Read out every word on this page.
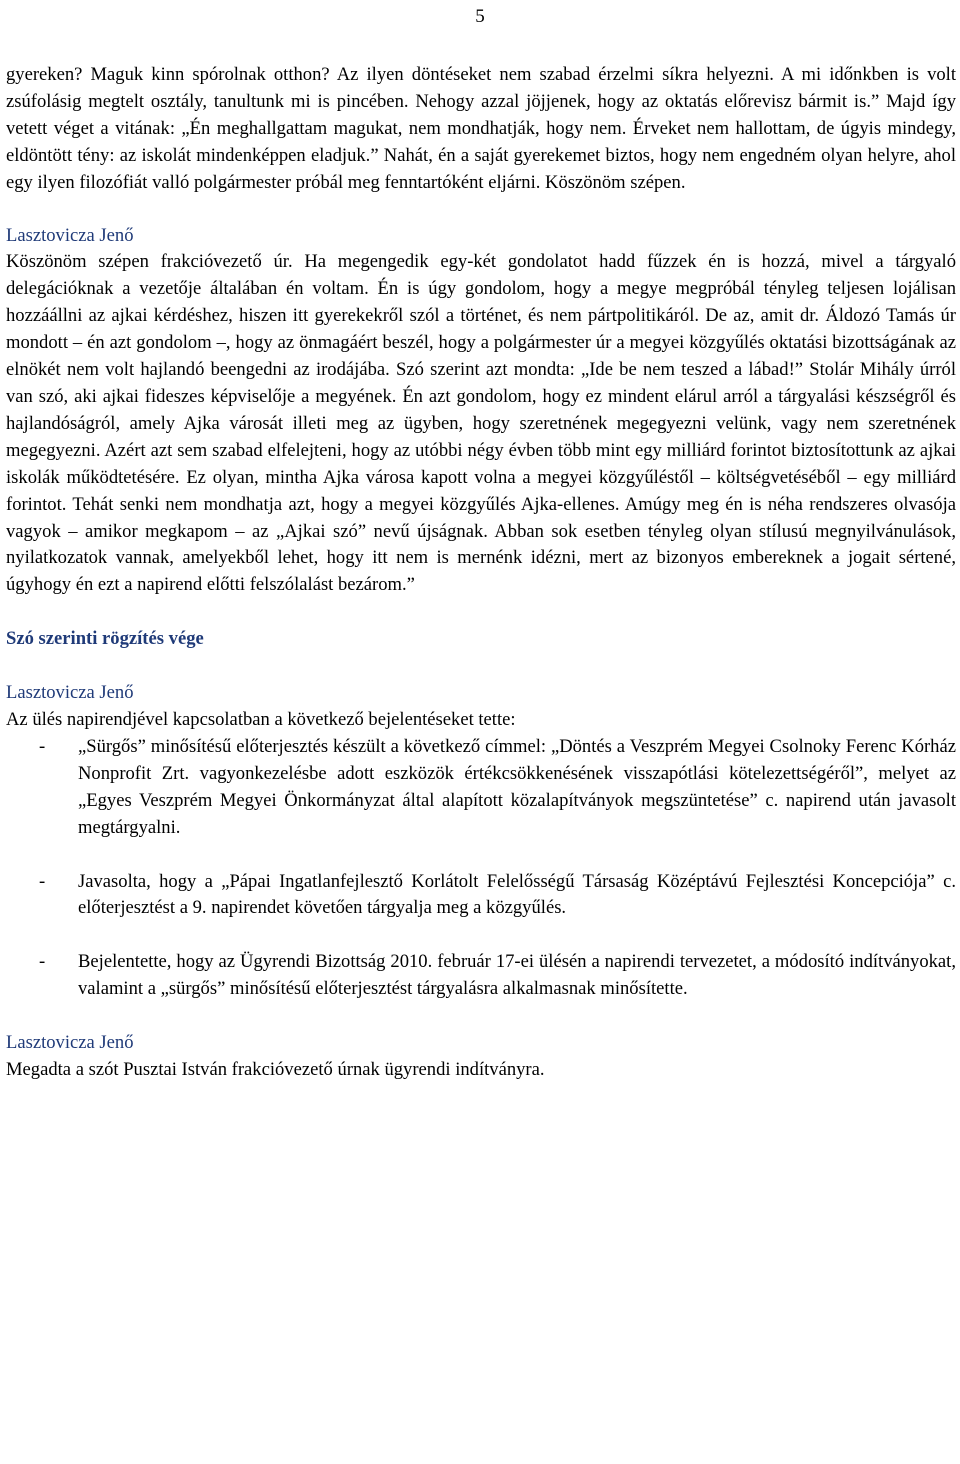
5

gyereken? Maguk kinn spórolnak otthon? Az ilyen döntéseket nem szabad érzelmi síkra helyezni. A mi időnkben is volt zsúfolásig megtelt osztály, tanultunk mi is pincében. Nehogy azzal jöjjenek, hogy az oktatás előrevisz bármit is.” Majd így vetett véget a vitának: „Én meghallgattam magukat, nem mondhatják, hogy nem. Érveket nem hallottam, de úgyis mindegy, eldöntött tény: az iskolát mindenképpen eladjuk.” Nahát, én a saját gyerekemet biztos, hogy nem engedném olyan helyre, ahol egy ilyen filozófiát valló polgármester próbál meg fenntartóként eljárni. Köszönöm szépen.

Lasztovicza Jenő

Köszönöm szépen frakcióvezető úr. Ha megengedik egy-két gondolatot hadd fűzzek én is hozzá, mivel a tárgyaló delegációknak a vezetője általában én voltam. Én is úgy gondolom, hogy a megye megpróbál tényleg teljesen lojálisan hozzáállni az ajkai kérdéshez, hiszen itt gyerekekről szól a történet, és nem pártpolitikáról. De az, amit dr. Áldozó Tamás úr mondott – én azt gondolom –, hogy az önmagáért beszél, hogy a polgármester úr a megyei közgyűlés oktatási bizottságának az elnökét nem volt hajlandó beengedni az irodájába. Szó szerint azt mondta: „Ide be nem teszed a lábad!” Stolár Mihály úrról van szó, aki ajkai fideszes képviselője a megyének. Én azt gondolom, hogy ez mindent elárul arról a tárgyalási készségről és hajlandóságról, amely Ajka városát illeti meg az ügyben, hogy szeretnének megegyezni velünk, vagy nem szeretnének megegyezni. Azért azt sem szabad elfelejteni, hogy az utóbbi négy évben több mint egy milliárd forintot biztosítottunk az ajkai iskolák működtetésére. Ez olyan, mintha Ajka városa kapott volna a megyei közgyűléstől – költségvetéséből – egy milliárd forintot. Tehát senki nem mondhatja azt, hogy a megyei közgyűlés Ajka-ellenes. Amúgy meg én is néha rendszeres olvasója vagyok – amikor megkapom – az „Ajkai szó” nevű újságnak. Abban sok esetben tényleg olyan stílusú megnyilvánulások, nyilatkozatok vannak, amelyekből lehet, hogy itt nem is mernénk idézni, mert az bizonyos embereknek a jogait sértené, úgyhogy én ezt a napirend előtti felszólalást bezárom.”

Szó szerinti rögzítés vége
Lasztovicza Jenő

Az ülés napirendjével kapcsolatban a következő bejelentéseket tette:

- „Sürgős” minősítésű előterjesztés készült a következő címmel: „Döntés a Veszprém Megyei Csolnoky Ferenc Kórház Nonprofit Zrt. vagyonkezelésbe adott eszközök értékcsökkenésének visszapótlási kötelezettségéről”, melyet az „Egyes Veszprém Megyei Önkormányzat által alapított közalapítványok megszüntetése” c. napirend után javasolt megtárgyalni.
- Javasolta, hogy a „Pápai Ingatlanfejlesztő Korlátolt Felelősségű Társaság Középtávú Fejlesztési Koncepciója” c. előterjesztést a 9. napirendet követően tárgyalja meg a közgyűlés.
- Bejelentette, hogy az Ügyrendi Bizottság 2010. február 17-ei ülésén a napirendi tervezetet, a módosító indítványokat, valamint a „sürgős” minősítésű előterjesztést tárgyalásra alkalmasnak minősítette.
Lasztovicza Jenő

Megadta a szót Pusztai István frakcióvezető úrnak ügyrendi indítványra.
